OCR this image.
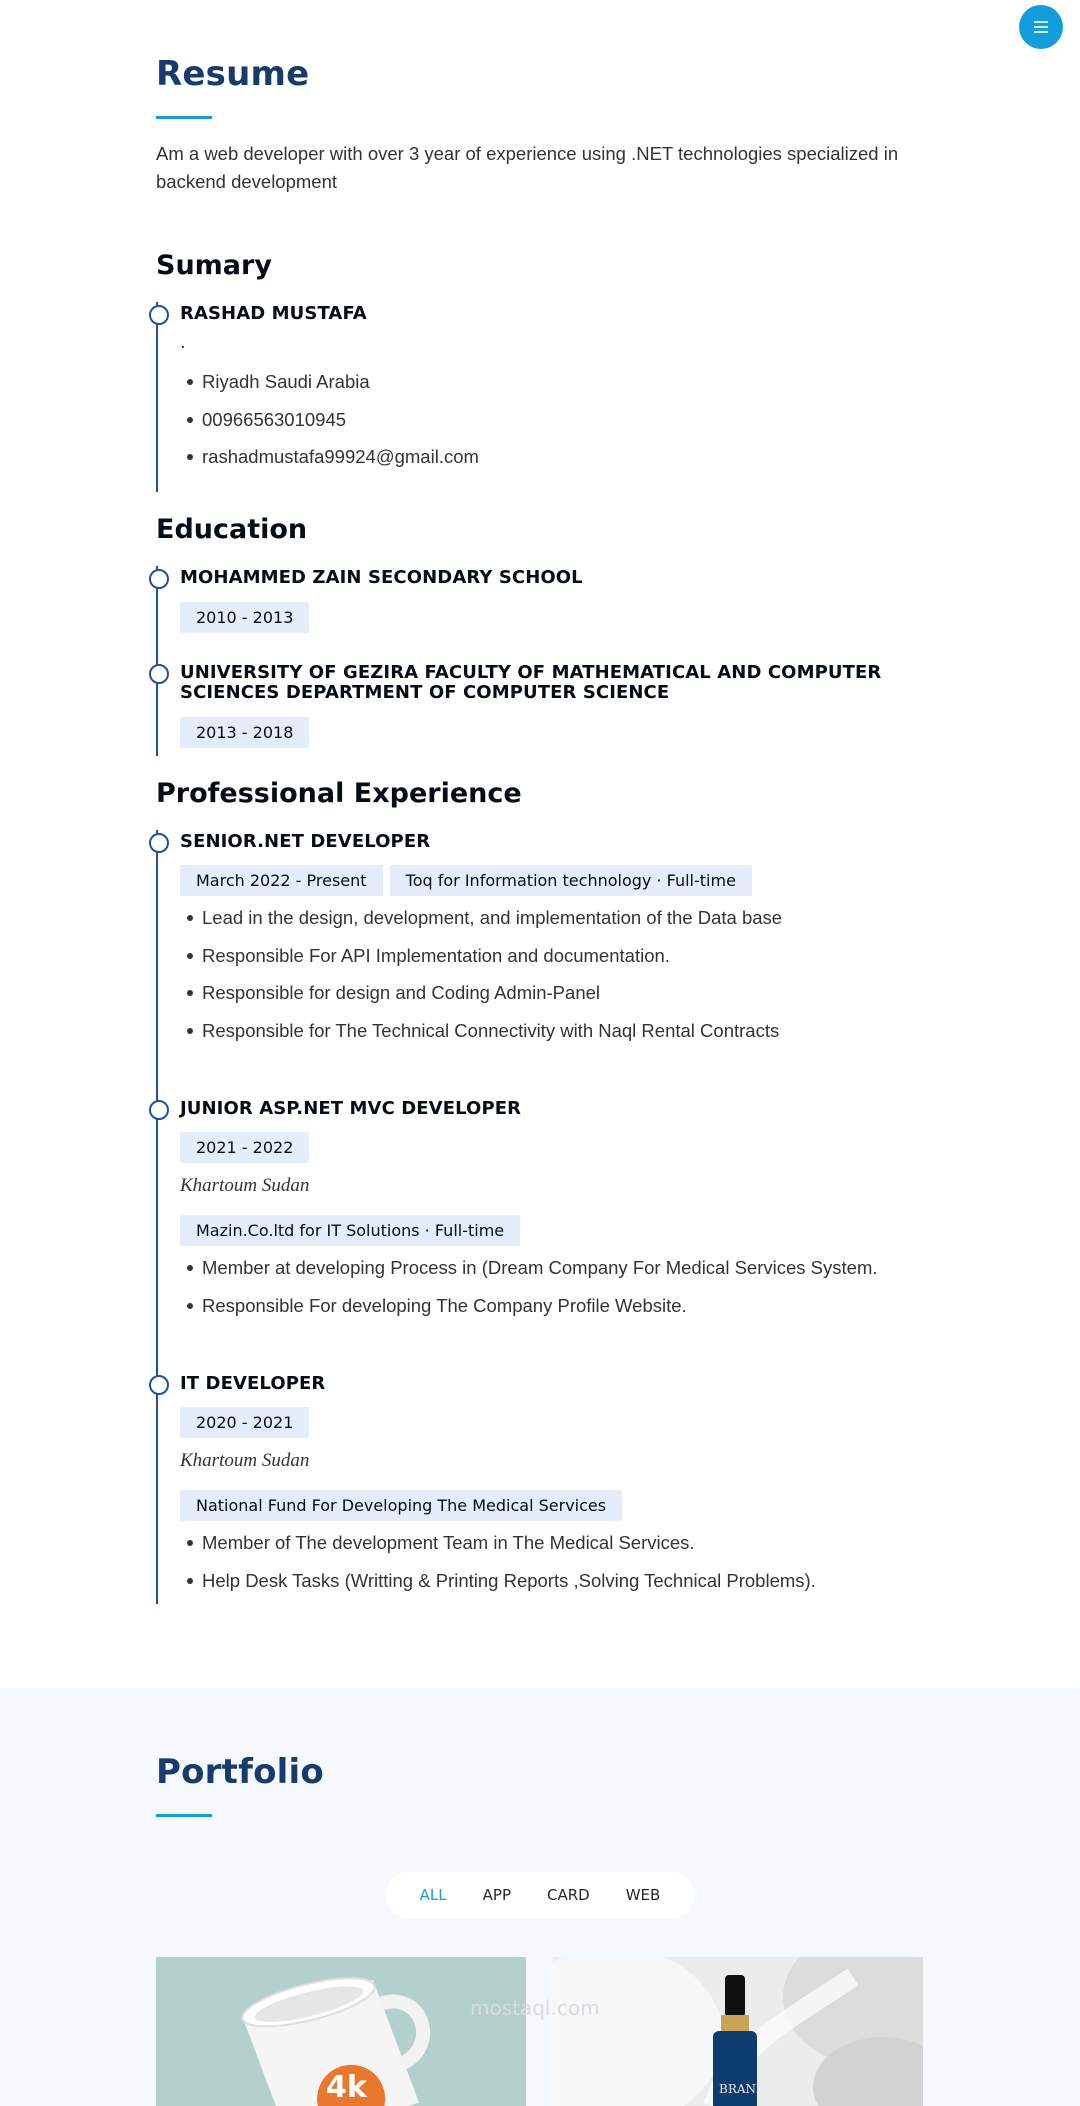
Resume

Am a web developer with over 3 year of experience using .NET technologies specialized in backend development

Sumary
RASHAD MUSTAFA
.
Riyadh Saudi Arabia
00966563010945
rashadmustafa99924@gmail.com
Education
MOHAMMED ZAIN SECONDARY SCHOOL
2010 - 2013
UNIVERSITY OF GEZIRA FACULTY OF MATHEMATICAL AND COMPUTER SCIENCES DEPARTMENT OF COMPUTER SCIENCE
2013 - 2018
Professional Experience
SENIOR.NET DEVELOPER
March 2022 - Present Toq for Information technology · Full-time
Lead in the design, development, and implementation of the Data base
Responsible For API Implementation and documentation.
Responsible for design and Coding Admin-Panel
Responsible for The Technical Connectivity with Naql Rental Contracts
JUNIOR ASP.NET MVC DEVELOPER
2021 - 2022
Khartoum Sudan
Mazin.Co.ltd for IT Solutions · Full-time
Member at developing Process in (Dream Company For Medical Services System.
Responsible For developing The Company Profile Website.
IT DEVELOPER
2020 - 2021
Khartoum Sudan
National Fund For Developing The Medical Services
Member of The development Team in The Medical Services.
Help Desk Tasks (Writting & Printing Reports ,Solving Technical Problems).
Portfolio
ALL	APP	CARD	WEB
4k	BRAND
mostaql.com
